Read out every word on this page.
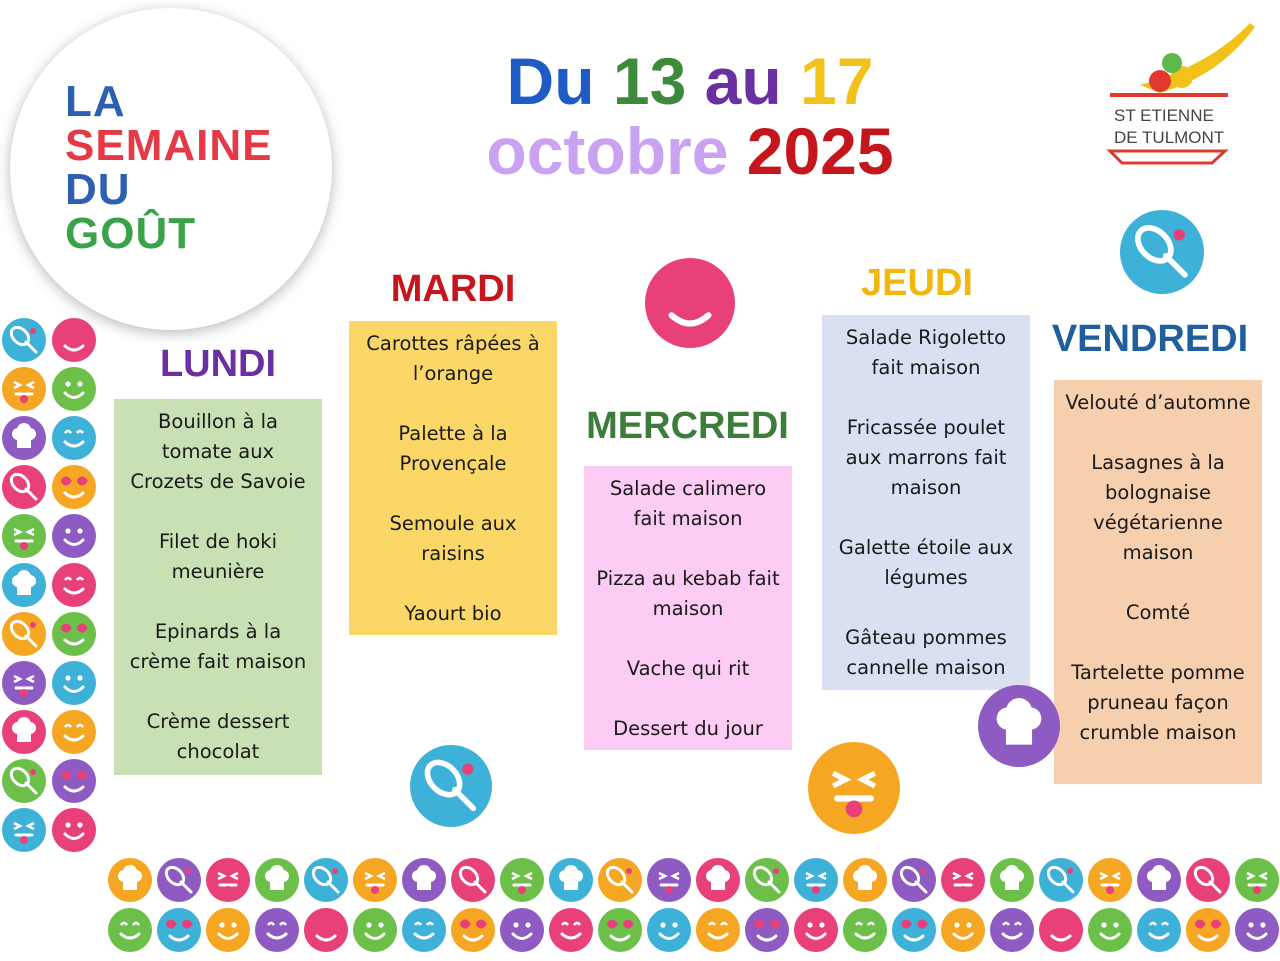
LA
SEMAINE
DU
GOÛT
Du 13 au 17
octobre 2025	ST ETIENNE
DE TULMONT
LUNDI
MARDI
MERCREDI
JEUDI
VENDREDI

Bouillon à la tomate aux Crozets de Savoie

Filet de hoki meunière

Epinards à la crème fait maison

Crème dessert chocolat

Carottes râpées à l’orange

Palette à la Provençale

Semoule aux raisins

Yaourt bio

Salade calimero fait maison

Pizza au kebab fait maison

Vache qui rit

Dessert du jour

Salade Rigoletto fait maison

Fricassée poulet aux marrons fait maison

Galette étoile aux légumes

Gâteau pommes cannelle maison

Velouté d’automne

Lasagnes à la bolognaise végétarienne maison

Comté

Tartelette pomme pruneau façon crumble maison
